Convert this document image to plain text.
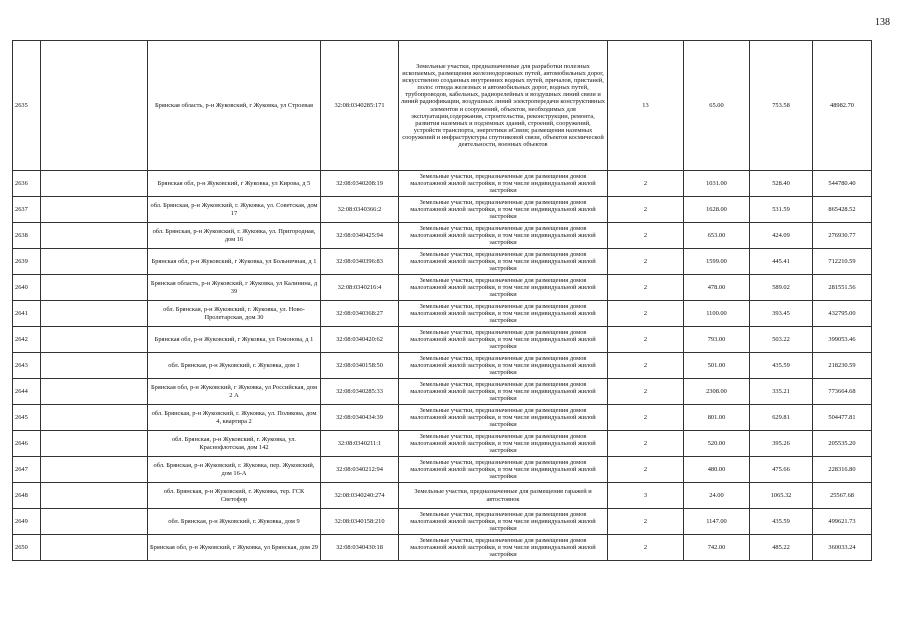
138
2635		Брянская область, р-н Жуковский, г Жуковка, ул Строевая	32:08:0340285:171	Земельные участки, предназначенные для разработки полезных ископаемых, размещения железнодорожных путей, автомобильных дорог, искусственно созданных внутренних водных путей, причалов, пристаней, полос отвода железных и автомобильных дорог, водных путей, трубопроводов, кабельных, радиорелейных и воздушных линий связи и линий радиофикации, воздушных линий электропередачи конструктивных элементов и сооружений, объектов, необходимых для эксплуатации,содержания, строительства, реконструкции, ремонта, развития наземных и подземных зданий, строений, сооружений, устройств транспорта, энергетики иСвязи; размещения наземных сооружений и инфраструктуры спутниковой связи, объектов космической деятельности, военных объектов	13	65.00	753.58	48982.70
2636		Брянская обл, р-н Жуковский, г Жуковка, ул Кирова, д 5	32:08:0340208:19	Земельные участки, предназначенные для размещения домов малоэтажной жилой застройки, в том числе индивидуальной жилой застройки	2	1031.00	528.40	544780.40
2637		обл. Брянская, р-н Жуковский, г. Жуковка, ул. Советская, дом 17	32:08:0340366:2	Земельные участки, предназначенные для размещения домов малоэтажной жилой застройки, в том числе индивидуальной жилой застройки	2	1628.00	531.59	865428.52
2638		обл. Брянская, р-н Жуковский, г. Жуковка, ул. Пригородная, дом 16	32:08:0340425:94	Земельные участки, предназначенные для размещения домов малоэтажной жилой застройки, в том числе индивидуальной жилой застройки	2	653.00	424.09	276930.77
2639		Брянская обл, р-н Жуковский, г Жуковка, ул Больничная, д 1	32:08:0340396:83	Земельные участки, предназначенные для размещения домов малоэтажной жилой застройки, в том числе индивидуальной жилой застройки	2	1599.00	445.41	712210.59
2640		Брянская область, р-н Жуковский, г Жуковка, ул Калинина, д 39	32:08:0340216:4	Земельные участки, предназначенные для размещения домов малоэтажной жилой застройки, в том числе индивидуальной жилой застройки	2	478.00	589.02	281551.56
2641		обл. Брянская, р-н Жуковский, г. Жуковка, ул. Ново-Пролетарская, дом 30	32:08:0340368:27	Земельные участки, предназначенные для размещения домов малоэтажной жилой застройки, в том числе индивидуальной жилой застройки	2	1100.00	393.45	432795.00
2642		Брянская обл, р-н Жуковский, г Жуковка, ул Гомонова, д 1	32:08:0340420:62	Земельные участки, предназначенные для размещения домов малоэтажной жилой застройки, в том числе индивидуальной жилой застройки	2	793.00	503.22	399053.46
2643		обл. Брянская, р-н Жуковский, г. Жуковка, дом 1	32:08:0340158:50	Земельные участки, предназначенные для размещения домов малоэтажной жилой застройки, в том числе индивидуальной жилой застройки	2	501.00	435.59	218230.59
2644		Брянская обл, р-н Жуковский, г Жуковка, ул Российская, дом 2 А	32:08:0340285:33	Земельные участки, предназначенные для размещения домов малоэтажной жилой застройки, в том числе индивидуальной жилой застройки	2	2308.00	335.21	773664.68
2645		обл. Брянская, р-н Жуковский, г. Жуковка, ул. Полякова, дом 4, квартира 2	32:08:0340434:39	Земельные участки, предназначенные для размещения домов малоэтажной жилой застройки, в том числе индивидуальной жилой застройки	2	801.00	629.81	504477.81
2646		обл. Брянская, р-н Жуковский, г. Жуковка, ул. Краснофлотская, дом 142	32:08:0340211:1	Земельные участки, предназначенные для размещения домов малоэтажной жилой застройки, в том числе индивидуальной жилой застройки	2	520.00	395.26	205535.20
2647		обл. Брянская, р-н Жуковский, г. Жуковка, пер. Жуковский, дом 16-А	32:08:0340212:94	Земельные участки, предназначенные для размещения домов малоэтажной жилой застройки, в том числе индивидуальной жилой застройки	2	480.00	475.66	228316.80
2648		обл. Брянская, р-н Жуковский, г. Жуковка, тер. ГСК Светофор	32:08:0340240:274	Земельные участки, предназначенные для размещения гаражей и автостоянок	3	24.00	1065.32	25567.68
2649		обл. Брянская, р-н Жуковский, г. Жуковка, дом 9	32:08:0340158:210	Земельные участки, предназначенные для размещения домов малоэтажной жилой застройки, в том числе индивидуальной жилой застройки	2	1147.00	435.59	499621.73
2650		Брянская обл, р-н Жуковский, г Жуковка, ул Брянская, дом 29	32:08:0340430:18	Земельные участки, предназначенные для размещения домов малоэтажной жилой застройки, в том числе индивидуальной жилой застройки	2	742.00	485.22	360033.24
